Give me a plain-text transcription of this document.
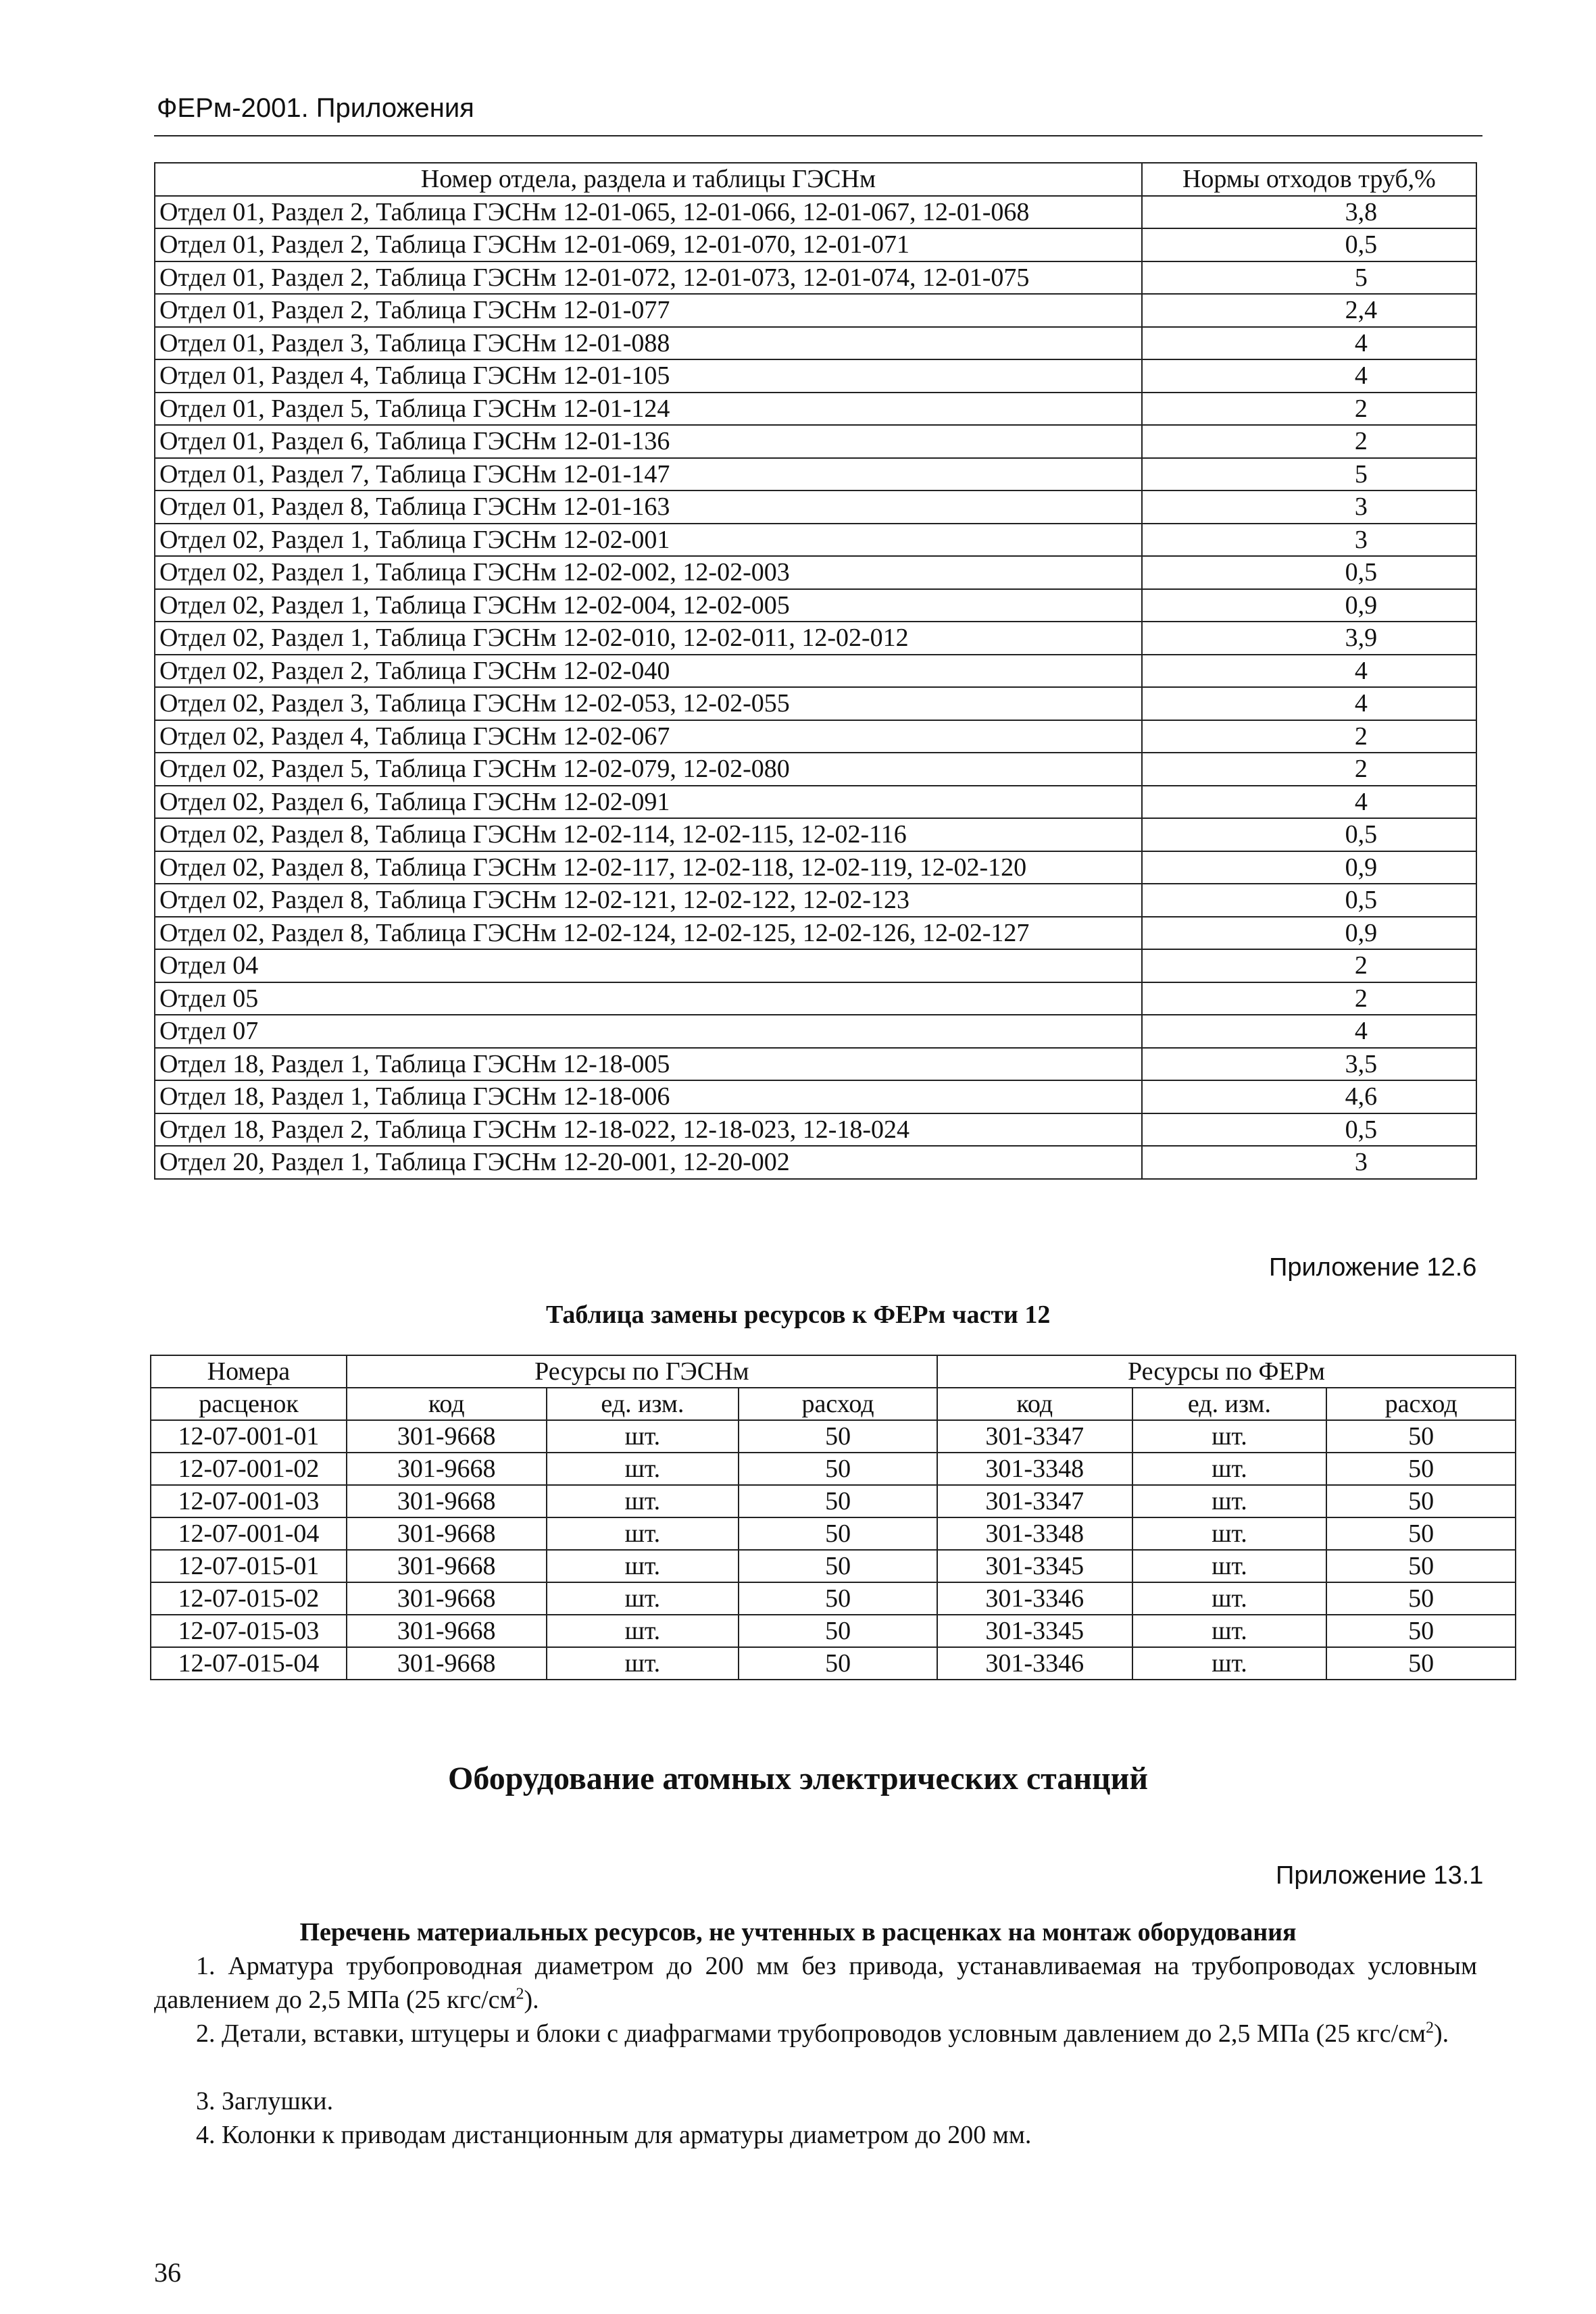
ФЕРм-2001. Приложения
Номер отдела, раздела и таблицы ГЭСНм	Нормы отходов труб,%
Отдел 01, Раздел 2, Таблица ГЭСНм 12-01-065, 12-01-066, 12-01-067, 12-01-068	3,8
Отдел 01, Раздел 2, Таблица ГЭСНм 12-01-069, 12-01-070, 12-01-071	0,5
Отдел 01, Раздел 2, Таблица ГЭСНм 12-01-072, 12-01-073, 12-01-074, 12-01-075	5
Отдел 01, Раздел 2, Таблица ГЭСНм 12-01-077	2,4
Отдел 01, Раздел 3, Таблица ГЭСНм 12-01-088	4
Отдел 01, Раздел 4, Таблица ГЭСНм 12-01-105	4
Отдел 01, Раздел 5, Таблица ГЭСНм 12-01-124	2
Отдел 01, Раздел 6, Таблица ГЭСНм 12-01-136	2
Отдел 01, Раздел 7, Таблица ГЭСНм 12-01-147	5
Отдел 01, Раздел 8, Таблица ГЭСНм 12-01-163	3
Отдел 02, Раздел 1, Таблица ГЭСНм 12-02-001	3
Отдел 02, Раздел 1, Таблица ГЭСНм 12-02-002, 12-02-003	0,5
Отдел 02, Раздел 1, Таблица ГЭСНм 12-02-004, 12-02-005	0,9
Отдел 02, Раздел 1, Таблица ГЭСНм 12-02-010, 12-02-011, 12-02-012	3,9
Отдел 02, Раздел 2, Таблица ГЭСНм 12-02-040	4
Отдел 02, Раздел 3, Таблица ГЭСНм 12-02-053, 12-02-055	4
Отдел 02, Раздел 4, Таблица ГЭСНм 12-02-067	2
Отдел 02, Раздел 5, Таблица ГЭСНм 12-02-079, 12-02-080	2
Отдел 02, Раздел 6, Таблица ГЭСНм 12-02-091	4
Отдел 02, Раздел 8, Таблица ГЭСНм 12-02-114, 12-02-115, 12-02-116	0,5
Отдел 02, Раздел 8, Таблица ГЭСНм 12-02-117, 12-02-118, 12-02-119, 12-02-120	0,9
Отдел 02, Раздел 8, Таблица ГЭСНм 12-02-121, 12-02-122, 12-02-123	0,5
Отдел 02, Раздел 8, Таблица ГЭСНм 12-02-124, 12-02-125, 12-02-126, 12-02-127	0,9
Отдел 04	2
Отдел 05	2
Отдел 07	4
Отдел 18, Раздел 1, Таблица ГЭСНм 12-18-005	3,5
Отдел 18, Раздел 1, Таблица ГЭСНм 12-18-006	4,6
Отдел 18, Раздел 2, Таблица ГЭСНм 12-18-022, 12-18-023, 12-18-024	0,5
Отдел 20, Раздел 1, Таблица ГЭСНм 12-20-001, 12-20-002	3
Приложение 12.6
Таблица замены ресурсов к ФЕРм части 12
Номера	Ресурсы по ГЭСНм			Ресурсы по ФЕРм		
расценок	код	ед. изм.	расход	код	ед. изм.	расход
12-07-001-01	301-9668	шт.	50	301-3347	шт.	50
12-07-001-02	301-9668	шт.	50	301-3348	шт.	50
12-07-001-03	301-9668	шт.	50	301-3347	шт.	50
12-07-001-04	301-9668	шт.	50	301-3348	шт.	50
12-07-015-01	301-9668	шт.	50	301-3345	шт.	50
12-07-015-02	301-9668	шт.	50	301-3346	шт.	50
12-07-015-03	301-9668	шт.	50	301-3345	шт.	50
12-07-015-04	301-9668	шт.	50	301-3346	шт.	50
Оборудование атомных электрических станций
Приложение 13.1
Перечень материальных ресурсов, не учтенных в расценках на монтаж оборудования
1. Арматура трубопроводная диаметром до 200 мм без привода, устанавливаемая на трубопроводах условным давлением до 2,5 МПа (25 кгс/$см^2$).
2. Детали, вставки, штуцеры и блоки с диафрагмами трубопроводов условным давлением до 2,5 МПа (25 кгс/$см^2$).
3. Заглушки.
4. Колонки к приводам дистанционным для арматуры диаметром до 200 мм.
36
